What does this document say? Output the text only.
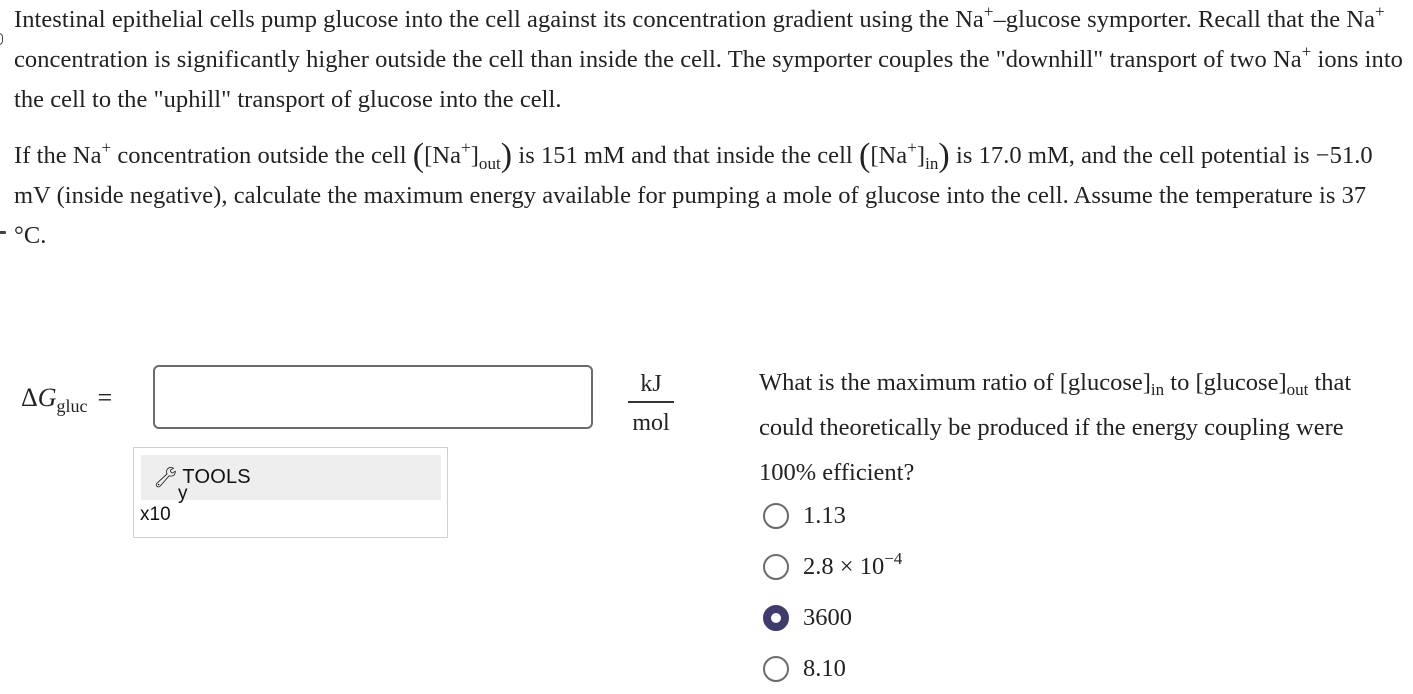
Intestinal epithelial cells pump glucose into the cell against its concentration gradient using the Na+–glucose symporter. Recall that the Na+ concentration is significantly higher outside the cell than inside the cell. The symporter couples the "downhill" transport of two Na+ ions into the cell to the "uphill" transport of glucose into the cell.
If the Na+ concentration outside the cell $([Na^+]_{out})$ is 151 mM and that inside the cell $([Na^+]_{in})$ is 17.0 mM, and the cell potential is −51.0 mV (inside negative), calculate the maximum energy available for pumping a mole of glucose into the cell. Assume the temperature is 37 °C.
$\Delta G_{gluc}$ =	kJ
mol
🔧︎
y
TOOLS
x10
What is the maximum ratio of $[glucose]_{in}$ to $[glucose]_{out}$ that could theoretically be produced if the energy coupling were 100% efficient?
1.13
$2.8 \times 10^{-4}$
3600
8.10
